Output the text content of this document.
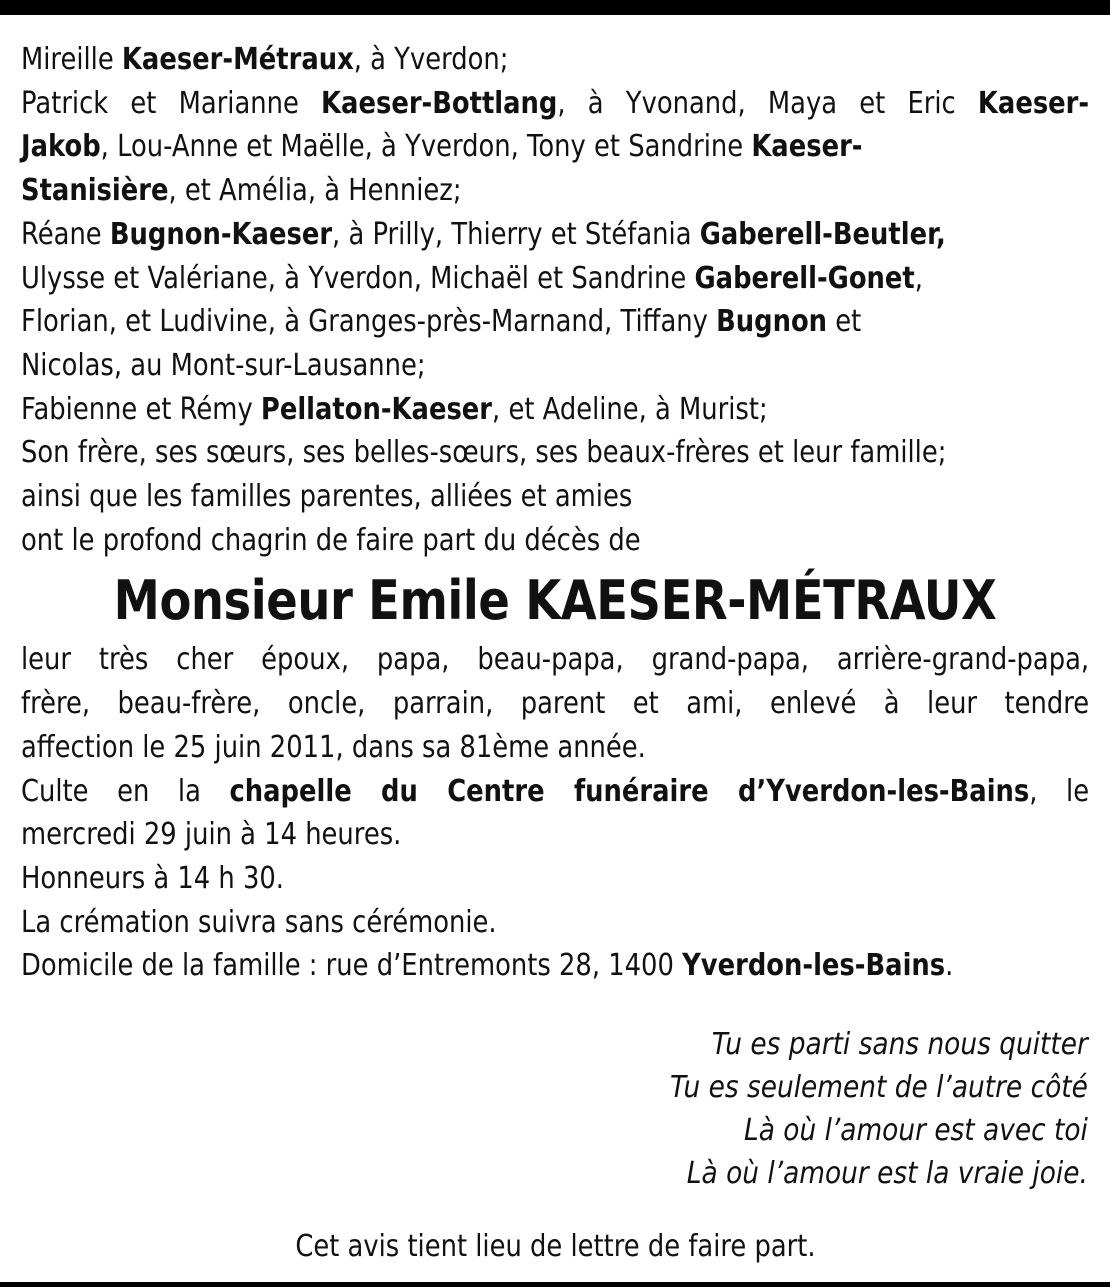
Mireille Kaeser-Métraux, à Yverdon;
Patrick et Marianne Kaeser-Bottlang, à Yvonand, Maya et Eric Kaeser-
Jakob, Lou-Anne et Maëlle, à Yverdon, Tony et Sandrine Kaeser-
Stanisière, et Amélia, à Henniez;
Réane Bugnon-Kaeser, à Prilly, Thierry et Stéfania Gaberell-Beutler,
Ulysse et Valériane, à Yverdon, Michaël et Sandrine Gaberell-Gonet,
Florian, et Ludivine, à Granges-près-Marnand, Tiffany Bugnon et
Nicolas, au Mont-sur-Lausanne;
Fabienne et Rémy Pellaton-Kaeser, et Adeline, à Murist;
Son frère, ses sœurs, ses belles-sœurs, ses beaux-frères et leur famille;
ainsi que les familles parentes, alliées et amies
ont le profond chagrin de faire part du décès de
Monsieur Emile KAESER-MÉTRAUX
leur très cher époux, papa, beau-papa, grand-papa, arrière-grand-papa,
frère, beau-frère, oncle, parrain, parent et ami, enlevé à leur tendre
affection le 25 juin 2011, dans sa 81ème année.
Culte en la chapelle du Centre funéraire d’Yverdon-les-Bains, le
mercredi 29 juin à 14 heures.
Honneurs à 14 h 30.
La crémation suivra sans cérémonie.
Domicile de la famille : rue d’Entremonts 28, 1400 Yverdon-les-Bains.
Tu es parti sans nous quitter
Tu es seulement de l’autre côté
Là où l’amour est avec toi
Là où l’amour est la vraie joie.
Cet avis tient lieu de lettre de faire part.
